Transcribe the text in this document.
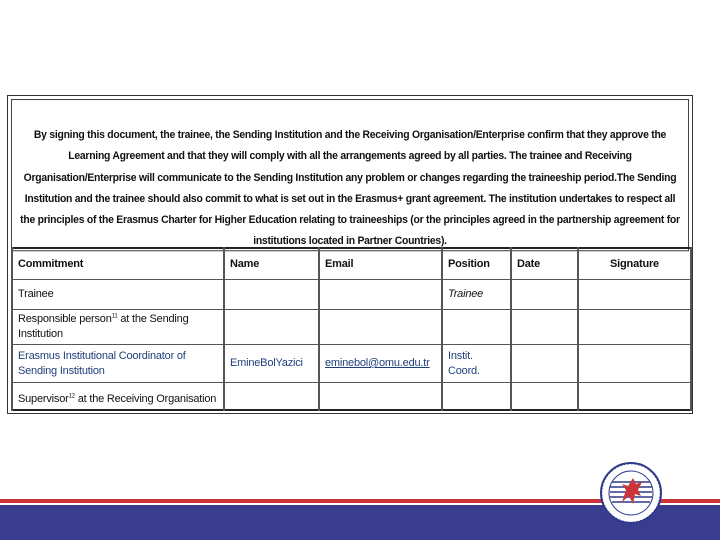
By signing this document, the trainee, the Sending Institution and the Receiving Organisation/Enterprise confirm that they approve the Learning Agreement and that they will comply with all the arrangements agreed by all parties. The trainee and Receiving Organisation/Enterprise will communicate to the Sending Institution any problem or changes regarding the traineeship period.The Sending Institution and the trainee should also commit to what is set out in the Erasmus+ grant agreement. The institution undertakes to respect all the principles of the Erasmus Charter for Higher Education relating to traineeships (or the principles agreed in the partnership agreement for institutions located in Partner Countries).
Commitment	Name	Email	Position	Date	Signature
Trainee			Trainee		
Responsible person$^{11}$ at the Sending Institution					
Erasmus Institutional Coordinator of Sending Institution	EmineBolYazici	eminebol@omu.edu.tr	Instit. Coord.		
Supervisor$^{12}$ at the Receiving Organisation					
